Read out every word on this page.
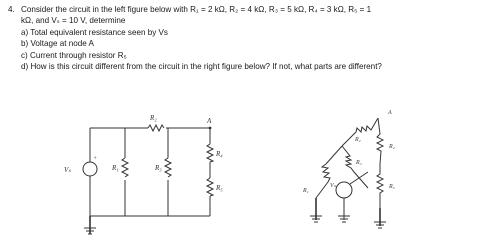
4. Consider the circuit in the left figure below with R₁ = 2 kΩ, R₂ = 4 kΩ, R₃ = 5 kΩ, R₄ = 3 kΩ, R₅ = 1
kΩ, and Vₛ = 10 V, determine
a) Total equivalent resistance seen by Vs
b) Voltage at node A
c) Current through resistor R₅
d) How is this circuit different from the circuit in the right figure below? If not, what parts are different?
Vₛ
+
R₁
R₂
R₃
R₄
R₅
A
R₁
R₂
R₃
R₄
R₅
Vₛ
A
